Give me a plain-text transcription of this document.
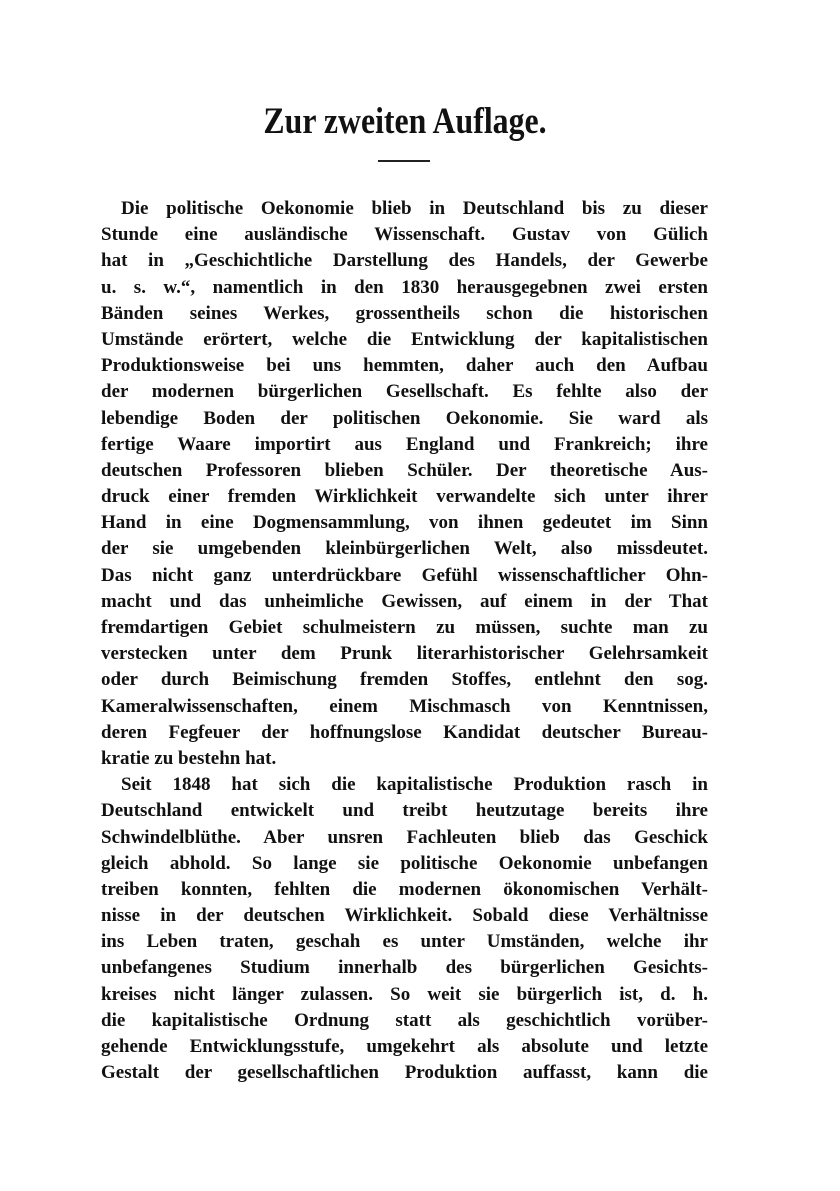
Zur zweiten Auflage.
Die politische Oekonomie blieb in Deutschland bis zu dieser
Stunde eine ausländische Wissenschaft. Gustav von Gülich
hat in „Geschichtliche Darstellung des Handels, der Gewerbe
u. s. w.“, namentlich in den 1830 herausgegebnen zwei ersten
Bänden seines Werkes, grossentheils schon die historischen
Umstände erörtert, welche die Entwicklung der kapitalistischen
Produktionsweise bei uns hemmten, daher auch den Aufbau
der modernen bürgerlichen Gesellschaft. Es fehlte also der
lebendige Boden der politischen Oekonomie. Sie ward als
fertige Waare importirt aus England und Frankreich; ihre
deutschen Professoren blieben Schüler. Der theoretische Aus-
druck einer fremden Wirklichkeit verwandelte sich unter ihrer
Hand in eine Dogmensammlung, von ihnen gedeutet im Sinn
der sie umgebenden kleinbürgerlichen Welt, also missdeutet.
Das nicht ganz unterdrückbare Gefühl wissenschaftlicher Ohn-
macht und das unheimliche Gewissen, auf einem in der That
fremdartigen Gebiet schulmeistern zu müssen, suchte man zu
verstecken unter dem Prunk literarhistorischer Gelehrsamkeit
oder durch Beimischung fremden Stoffes, entlehnt den sog.
Kameralwissenschaften, einem Mischmasch von Kenntnissen,
deren Fegfeuer der hoffnungslose Kandidat deutscher Bureau-
kratie zu bestehn hat.
Seit 1848 hat sich die kapitalistische Produktion rasch in
Deutschland entwickelt und treibt heutzutage bereits ihre
Schwindelblüthe. Aber unsren Fachleuten blieb das Geschick
gleich abhold. So lange sie politische Oekonomie unbefangen
treiben konnten, fehlten die modernen ökonomischen Verhält-
nisse in der deutschen Wirklichkeit. Sobald diese Verhältnisse
ins Leben traten, geschah es unter Umständen, welche ihr
unbefangenes Studium innerhalb des bürgerlichen Gesichts-
kreises nicht länger zulassen. So weit sie bürgerlich ist, d. h.
die kapitalistische Ordnung statt als geschichtlich vorüber-
gehende Entwicklungsstufe, umgekehrt als absolute und letzte
Gestalt der gesellschaftlichen Produktion auffasst, kann die
